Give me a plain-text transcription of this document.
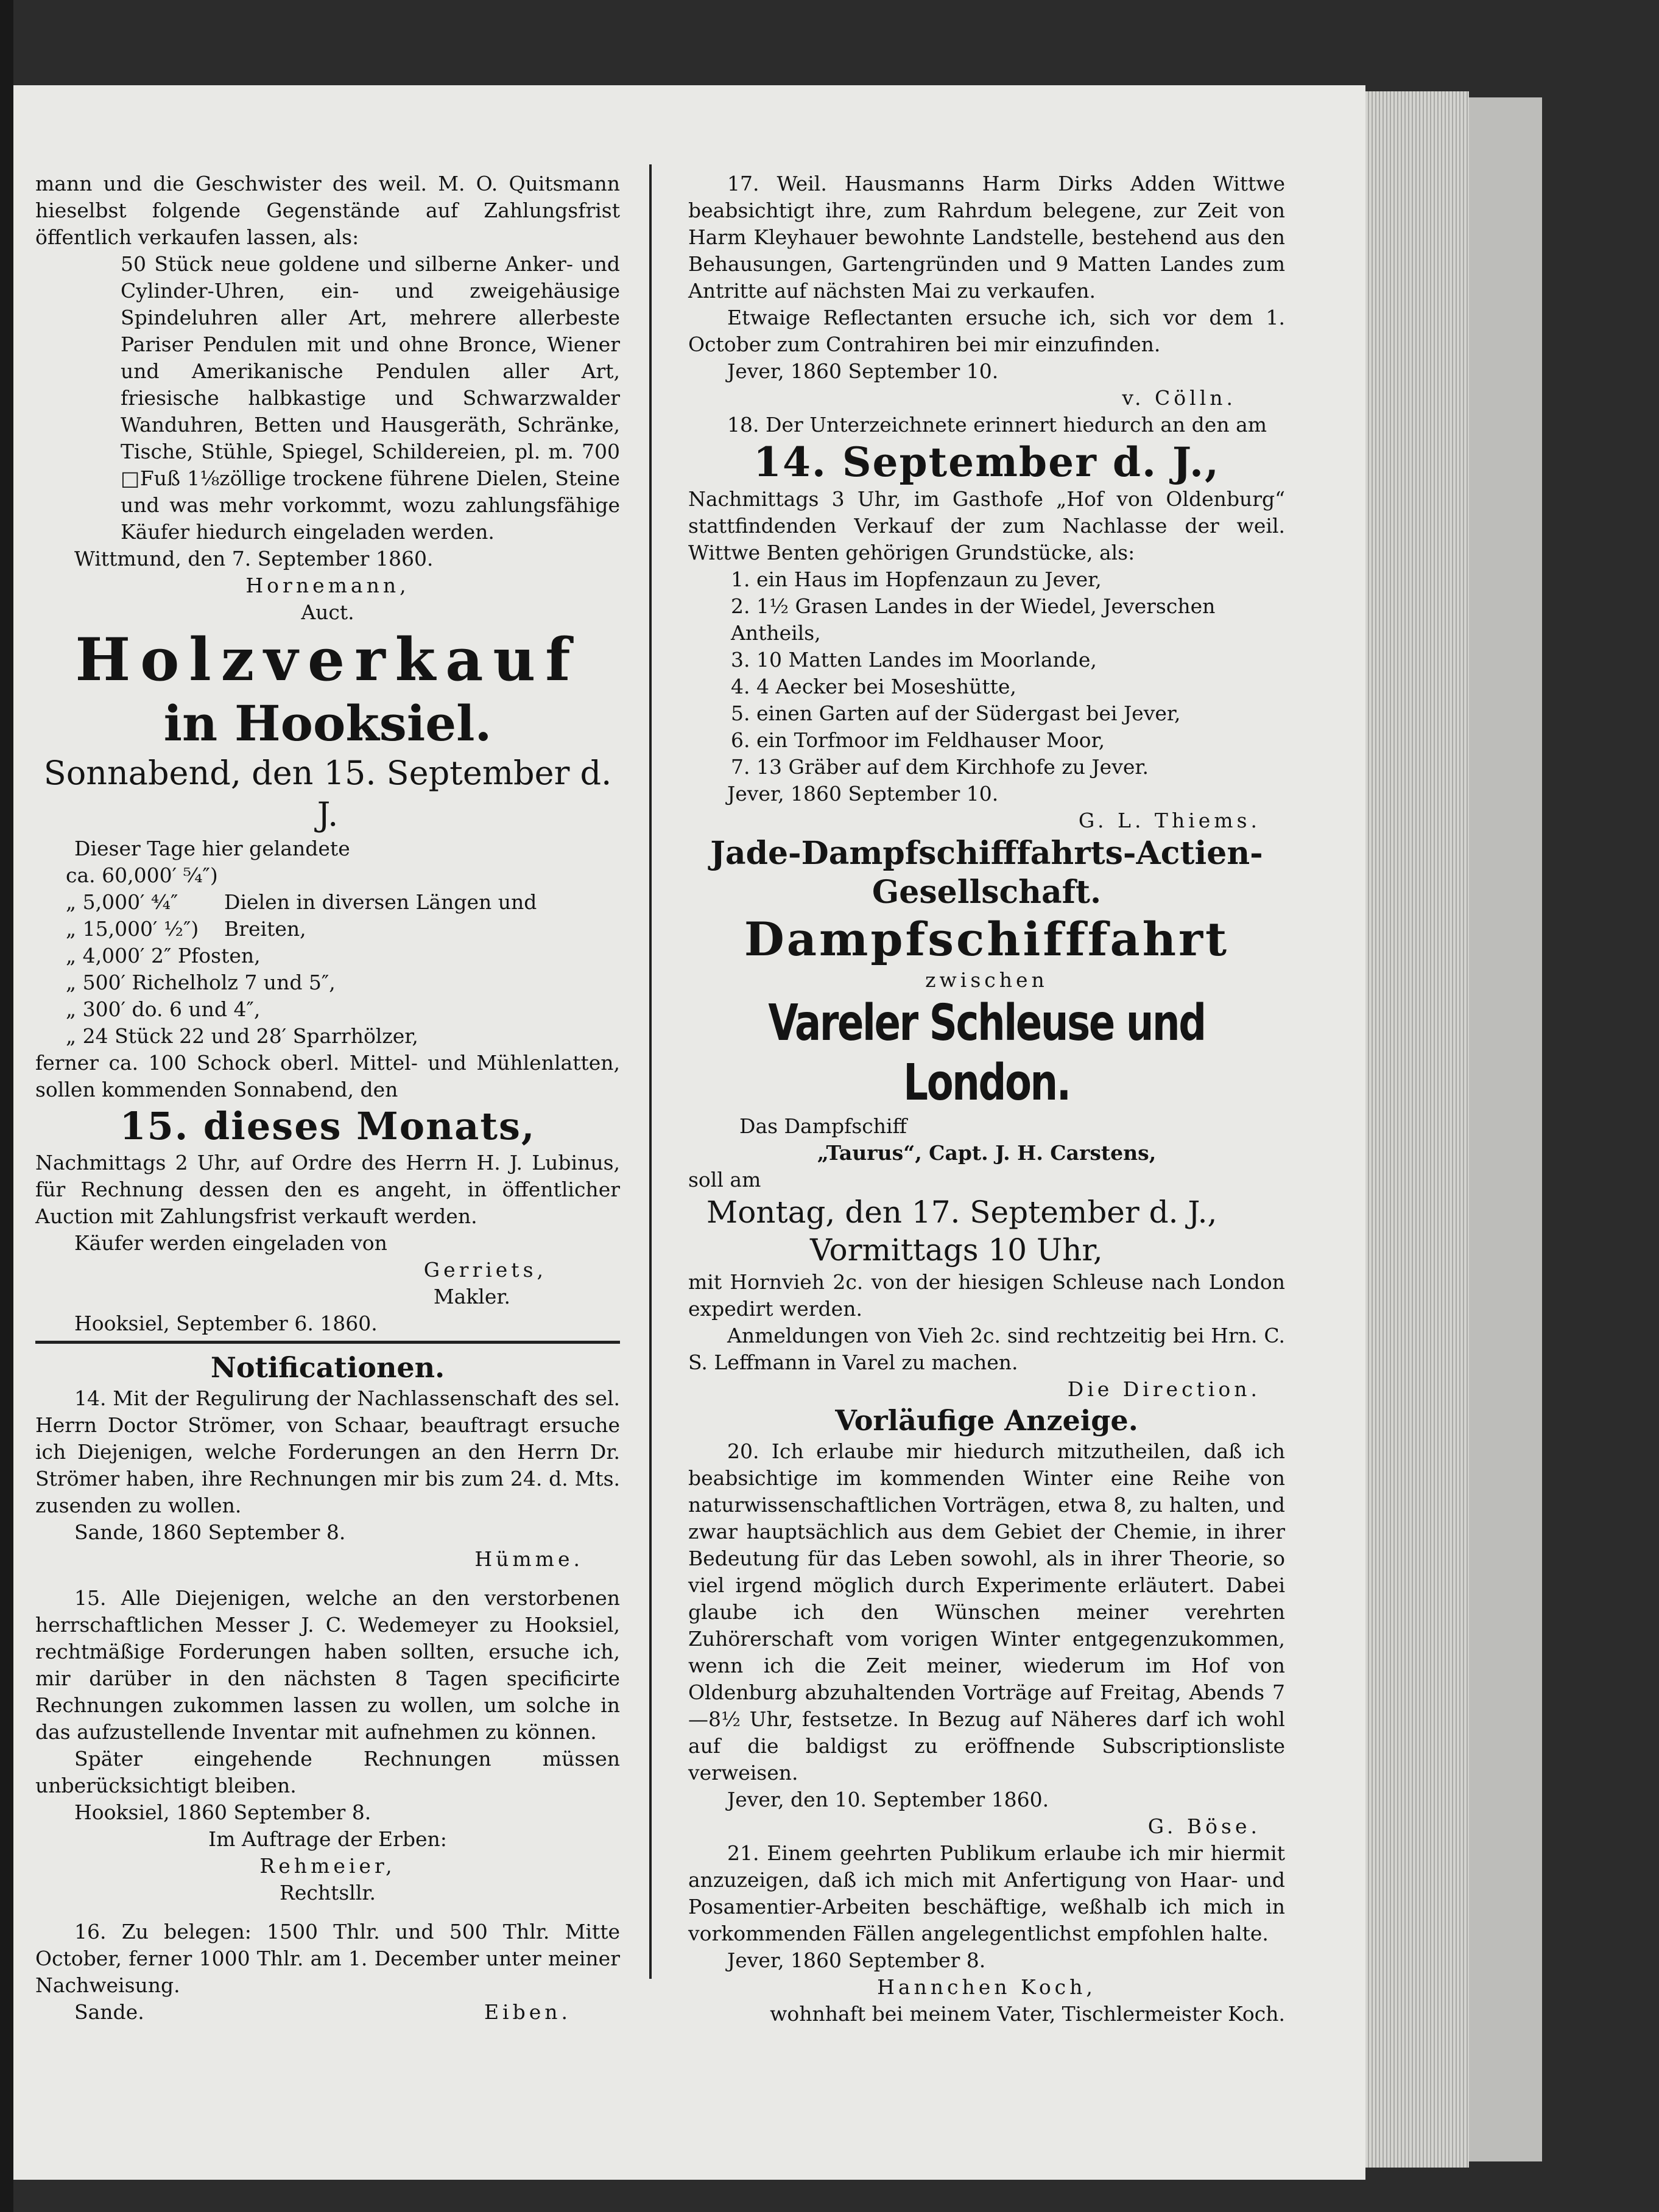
mann und die Geschwister des weil. M. O. Quitsmann hieselbst folgende Gegenstände auf Zahlungsfrist öffentlich verkaufen lassen, als:

50 Stück neue goldene und silberne Anker- und Cylinder-Uhren, ein- und zweigehäusige Spindeluhren aller Art, mehrere allerbeste Pariser Pendulen mit und ohne Bronce, Wiener und Amerikanische Pendulen aller Art, friesische halbkastige und Schwarzwalder Wanduhren, Betten und Hausgeräth, Schränke, Tische, Stühle, Spiegel, Schildereien, pl. m. 700 □Fuß 1⅛zöllige trockene führene Dielen, Steine und was mehr vorkommt, wozu zahlungsfähige Käufer hiedurch eingeladen werden.

Wittmund, den 7. September 1860.

Hornemann,

Auct.

Holzverkauf

in Hooksiel.

Sonnabend, den 15. September d. J.

Dieser Tage hier gelandete

ca. 60,000′ ⁵⁄₄″)
„ 5,000′ ⁴⁄₄″	Dielen in diversen Längen und
„ 15,000′ ¹⁄₂″)	Breiten,

„ 4,000′ 2″ Pfosten,

„ 500′ Richelholz 7 und 5″,

„ 300′ do. 6 und 4″,

„ 24 Stück 22 und 28′ Sparrhölzer,

ferner ca. 100 Schock oberl. Mittel- und Mühlenlatten, sollen kommenden Sonnabend, den

15. dieses Monats,

Nachmittags 2 Uhr, auf Ordre des Herrn H. J. Lubinus, für Rechnung dessen den es angeht, in öffentlicher Auction mit Zahlungsfrist verkauft werden.

Käufer werden eingeladen von

Gerriets,

Makler.

Hooksiel, September 6. 1860.

Notificationen.

14. Mit der Regulirung der Nachlassenschaft des sel. Herrn Doctor Strömer, von Schaar, beauftragt ersuche ich Diejenigen, welche Forderungen an den Herrn Dr. Strömer haben, ihre Rechnungen mir bis zum 24. d. Mts. zusenden zu wollen.

Sande, 1860 September 8.

Hümme.

15. Alle Diejenigen, welche an den verstorbenen herrschaftlichen Messer J. C. Wedemeyer zu Hooksiel, rechtmäßige Forderungen haben sollten, ersuche ich, mir darüber in den nächsten 8 Tagen specificirte Rechnungen zukommen lassen zu wollen, um solche in das aufzustellende Inventar mit aufnehmen zu können.

Später eingehende Rechnungen müssen unberücksichtigt bleiben.

Hooksiel, 1860 September 8.

Im Auftrage der Erben:

Rehmeier,

Rechtsllr.

16. Zu belegen: 1500 Thlr. und 500 Thlr. Mitte October, ferner 1000 Thlr. am 1. December unter meiner Nachweisung.

Sande.	Eiben.

17. Weil. Hausmanns Harm Dirks Adden Wittwe beabsichtigt ihre, zum Rahrdum belegene, zur Zeit von Harm Kleyhauer bewohnte Landstelle, bestehend aus den Behausungen, Gartengründen und 9 Matten Landes zum Antritte auf nächsten Mai zu verkaufen.

Etwaige Reflectanten ersuche ich, sich vor dem 1. October zum Contrahiren bei mir einzufinden.

Jever, 1860 September 10.

v. Cölln.

18. Der Unterzeichnete erinnert hiedurch an den am

14. September d. J.,

Nachmittags 3 Uhr, im Gasthofe „Hof von Oldenburg“ stattfindenden Verkauf der zum Nachlasse der weil. Wittwe Benten gehörigen Grundstücke, als:

1. ein Haus im Hopfenzaun zu Jever,

2. 1½ Grasen Landes in der Wiedel, Jeverschen Antheils,

3. 10 Matten Landes im Moorlande,

4. 4 Aecker bei Moseshütte,

5. einen Garten auf der Südergast bei Jever,

6. ein Torfmoor im Feldhauser Moor,

7. 13 Gräber auf dem Kirchhofe zu Jever.

Jever, 1860 September 10.

G. L. Thiems.

Jade-Dampfschifffahrts-Actien-Gesellschaft.

Dampfschifffahrt

zwischen

Vareler Schleuse und London.

Das Dampfschiff

„Taurus“, Capt. J. H. Carstens,

soll am

Montag, den 17. September d. J.,

Vormittags 10 Uhr,

mit Hornvieh 2c. von der hiesigen Schleuse nach London expedirt werden.

Anmeldungen von Vieh 2c. sind rechtzeitig bei Hrn. C. S. Leffmann in Varel zu machen.

Die Direction.

Vorläufige Anzeige.

20. Ich erlaube mir hiedurch mitzutheilen, daß ich beabsichtige im kommenden Winter eine Reihe von naturwissenschaftlichen Vorträgen, etwa 8, zu halten, und zwar hauptsächlich aus dem Gebiet der Chemie, in ihrer Bedeutung für das Leben sowohl, als in ihrer Theorie, so viel irgend möglich durch Experimente erläutert. Dabei glaube ich den Wünschen meiner verehrten Zuhörerschaft vom vorigen Winter entgegenzukommen, wenn ich die Zeit meiner, wiederum im Hof von Oldenburg abzuhaltenden Vorträge auf Freitag, Abends 7—8½ Uhr, festsetze. In Bezug auf Näheres darf ich wohl auf die baldigst zu eröffnende Subscriptionsliste verweisen.

Jever, den 10. September 1860.

G. Böse.

21. Einem geehrten Publikum erlaube ich mir hiermit anzuzeigen, daß ich mich mit Anfertigung von Haar- und Posamentier-Arbeiten beschäftige, weßhalb ich mich in vorkommenden Fällen angelegentlichst empfohlen halte.

Jever, 1860 September 8.

Hannchen Koch,

wohnhaft bei meinem Vater, Tischlermeister Koch.
